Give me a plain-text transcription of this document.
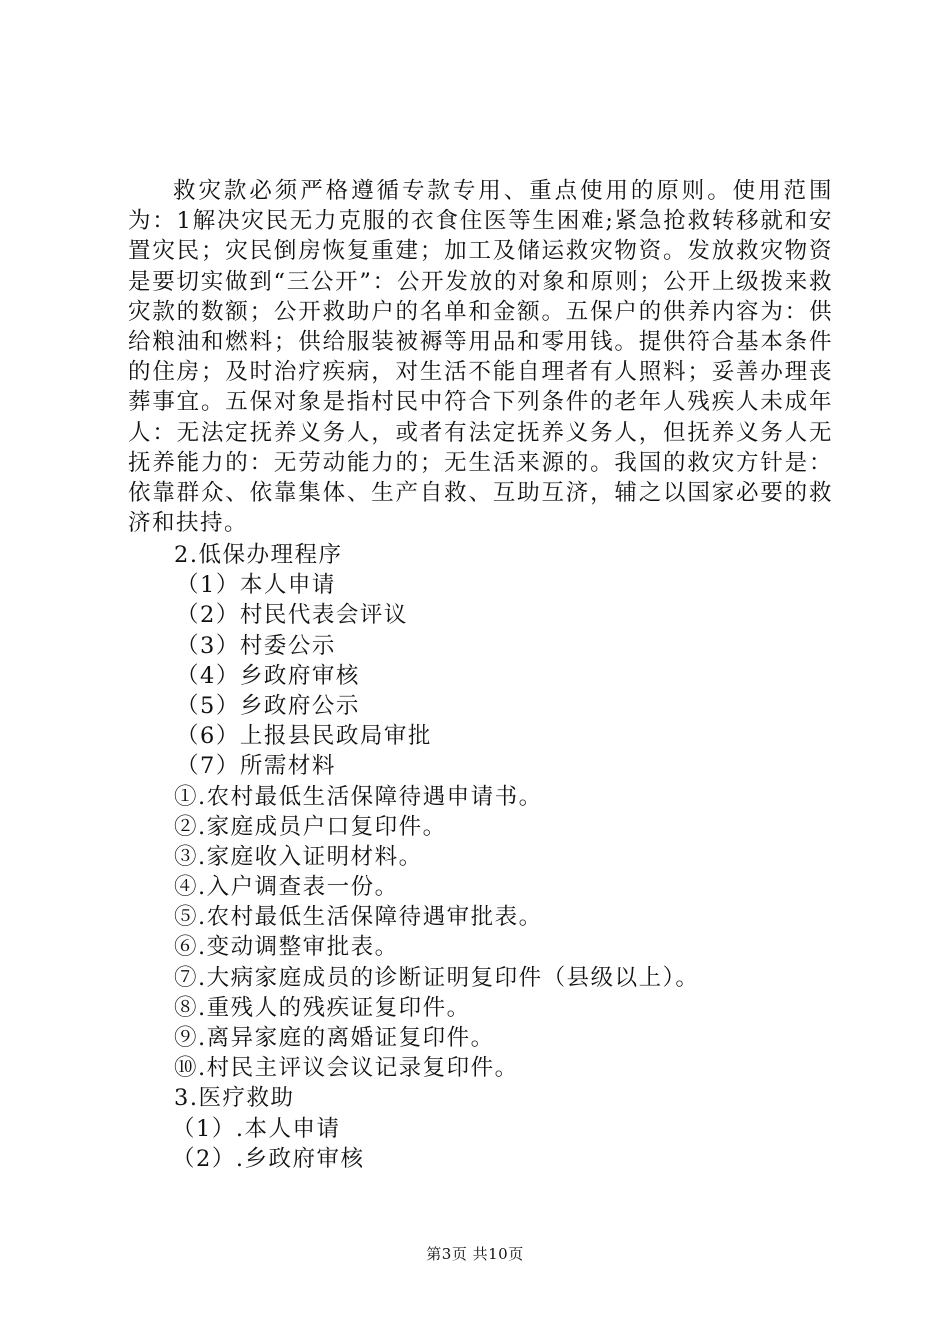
救灾款必须严格遵循专款专用、重点使用的原则。使用范围为：1解决灾民无力克服的衣食住医等生困难;紧急抢救转移就和安置灾民；灾民倒房恢复重建；加工及储运救灾物资。发放救灾物资是要切实做到“三公开”：公开发放的对象和原则；公开上级拨来救灾款的数额；公开救助户的名单和金额。五保户的供养内容为：供给粮油和燃料；供给服装被褥等用品和零用钱。提供符合基本条件的住房；及时治疗疾病，对生活不能自理者有人照料；妥善办理丧葬事宜。五保对象是指村民中符合下列条件的老年人残疾人未成年人：无法定抚养义务人，或者有法定抚养义务人，但抚养义务人无抚养能力的：无劳动能力的；无生活来源的。我国的救灾方针是：依靠群众、依靠集体、生产自救、互助互济，辅之以国家必要的救济和扶持。

2.低保办理程序
（1）本人申请
（2）村民代表会评议
（3）村委公示
（4）乡政府审核
（5）乡政府公示
（6）上报县民政局审批
（7）所需材料
①.农村最低生活保障待遇申请书。
②.家庭成员户口复印件。
③.家庭收入证明材料。
④.入户调查表一份。
⑤.农村最低生活保障待遇审批表。
⑥.变动调整审批表。
⑦.大病家庭成员的诊断证明复印件（县级以上）。
⑧.重残人的残疾证复印件。
⑨.离异家庭的离婚证复印件。
⑩.村民主评议会议记录复印件。
3.医疗救助
（1）.本人申请
（2）.乡政府审核
第3页 共10页
